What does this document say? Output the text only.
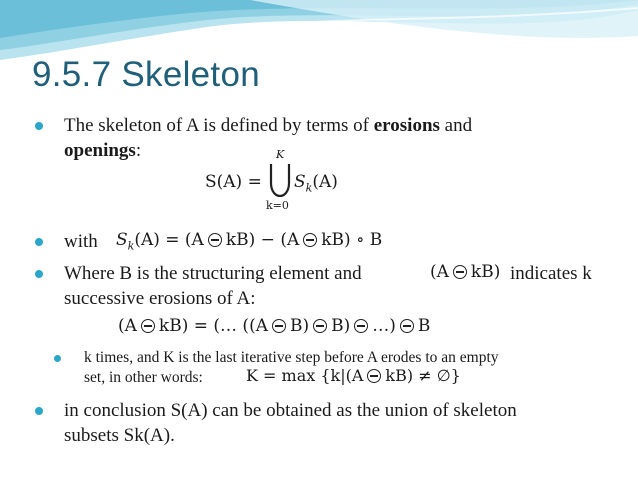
9.5.7 Skeleton
The skeleton of A is defined by terms of erosions and
openings:	K
S(A) =
k=0
$S_k(A)$
with $S_k(A) = (A$ kB) − (A kB) ∘ B
Where B is the structuring element and	(A kB) indicates k
successive erosions of A:
(A kB) = (… ((A B) B) …) B
k times, and K is the last iterative step before A erodes to an empty
set, in other words:	K = max {k|(A kB) ≠ ∅}
in conclusion S(A) can be obtained as the union of skeleton
subsets Sk(A).
